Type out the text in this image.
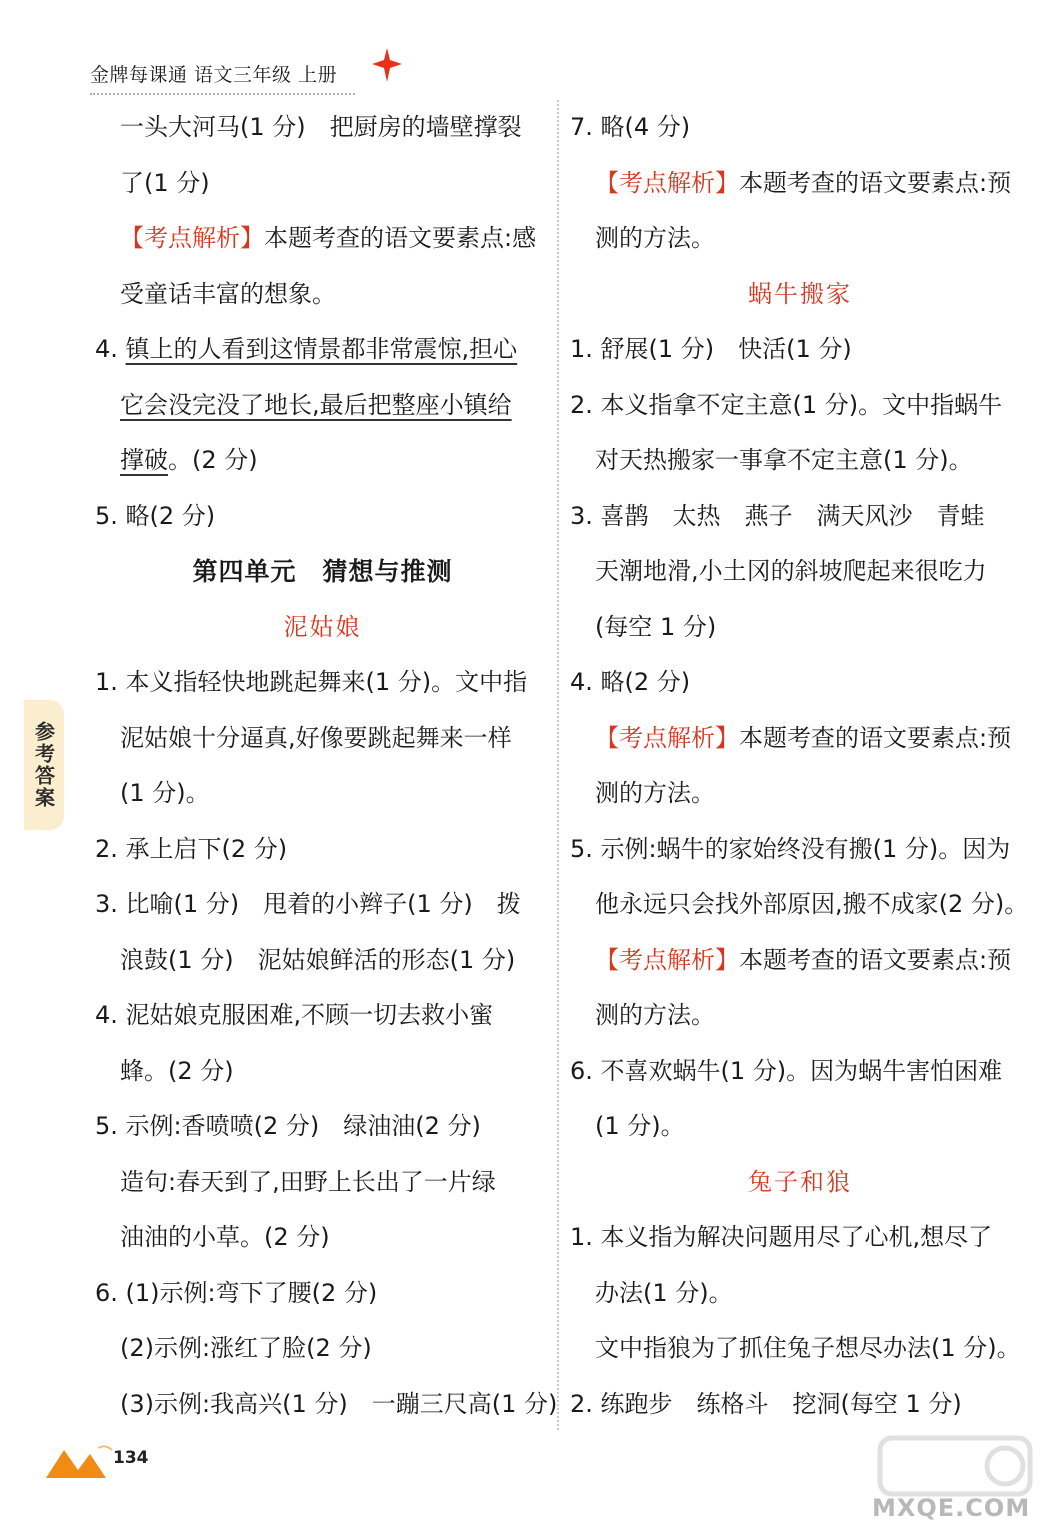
金牌每课通 语文三年级 上册
一头大河马(1 分)　把厨房的墙壁撑裂
了(1 分)
【考点解析】本题考查的语文要素点:感
受童话丰富的想象。
4. 镇上的人看到这情景都非常震惊,担心
它会没完没了地长,最后把整座小镇给
撑破。(2 分)
5. 略(2 分)
第四单元　猜想与推测
泥姑娘
1. 本义指轻快地跳起舞来(1 分)。文中指
泥姑娘十分逼真,好像要跳起舞来一样
(1 分)。
2. 承上启下(2 分)
3. 比喻(1 分)　甩着的小辫子(1 分)　拨
浪鼓(1 分)　泥姑娘鲜活的形态(1 分)
4. 泥姑娘克服困难,不顾一切去救小蜜
蜂。(2 分)
5. 示例:香喷喷(2 分)　绿油油(2 分)
造句:春天到了,田野上长出了一片绿
油油的小草。(2 分)
6. (1)示例:弯下了腰(2 分)
(2)示例:涨红了脸(2 分)
(3)示例:我高兴(1 分)　一蹦三尺高(1 分)
7. 略(4 分)
【考点解析】本题考查的语文要素点:预
测的方法。
蜗牛搬家
1. 舒展(1 分)　快活(1 分)
2. 本义指拿不定主意(1 分)。文中指蜗牛
对天热搬家一事拿不定主意(1 分)。
3. 喜鹊　太热　燕子　满天风沙　青蛙
天潮地滑,小土冈的斜坡爬起来很吃力
(每空 1 分)
4. 略(2 分)
【考点解析】本题考查的语文要素点:预
测的方法。
5. 示例:蜗牛的家始终没有搬(1 分)。因为
他永远只会找外部原因,搬不成家(2 分)。
【考点解析】本题考查的语文要素点:预
测的方法。
6. 不喜欢蜗牛(1 分)。因为蜗牛害怕困难
(1 分)。
兔子和狼
1. 本义指为解决问题用尽了心机,想尽了
办法(1 分)。
文中指狼为了抓住兔子想尽办法(1 分)。
2. 练跑步　练格斗　挖洞(每空 1 分)
参考答案
134
MXQE.COM
